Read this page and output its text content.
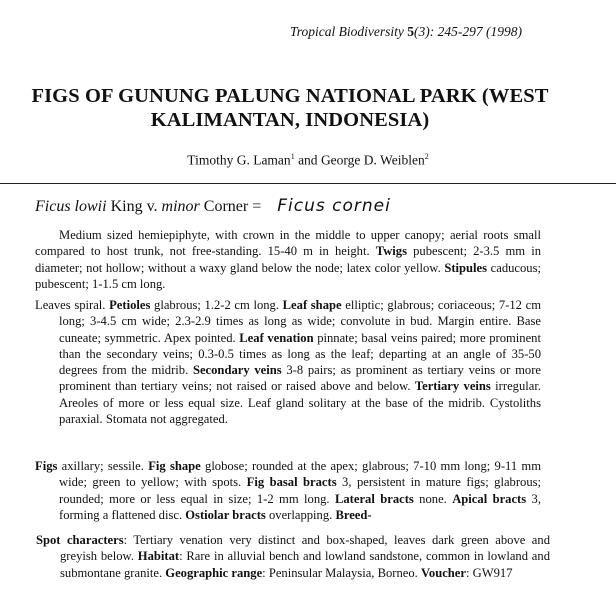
Tropical Biodiversity 5(3): 245-297 (1998)
FIGS OF GUNUNG PALUNG NATIONAL PARK (WEST KALIMANTAN, INDONESIA)
Timothy G. Laman$^1$ and George D. Weiblen$^2$
Ficus lowii King v. minor Corner = Ficus cornei
Medium sized hemiepiphyte, with crown in the middle to upper canopy; aerial roots small compared to host trunk, not free-standing. 15-40 m in height. Twigs pubescent; 2-3.5 mm in diameter; not hollow; without a waxy gland below the node; latex color yellow. Stipules caducous; pubescent; 1-1.5 cm long.
Leaves spiral. Petioles glabrous; 1.2-2 cm long. Leaf shape elliptic; glabrous; coriaceous; 7-12 cm long; 3-4.5 cm wide; 2.3-2.9 times as long as wide; convolute in bud. Margin entire. Base cuneate; symmetric. Apex pointed. Leaf venation pinnate; basal veins paired; more prominent than the secondary veins; 0.3-0.5 times as long as the leaf; departing at an angle of 35-50 degrees from the midrib. Secondary veins 3-8 pairs; as prominent as tertiary veins or more prominent than tertiary veins; not raised or raised above and below. Tertiary veins irregular. Areoles of more or less equal size. Leaf gland solitary at the base of the midrib. Cystoliths paraxial. Stomata not aggregated.
Figs axillary; sessile. Fig shape globose; rounded at the apex; glabrous; 7-10 mm long; 9-11 mm wide; green to yellow; with spots. Fig basal bracts 3, persistent in mature figs; glabrous; rounded; more or less equal in size; 1-2 mm long. Lateral bracts none. Apical bracts 3, forming a flattened disc. Ostiolar bracts overlapping. Breed-
Spot characters: Tertiary venation very distinct and box-shaped, leaves dark green above and greyish below. Habitat: Rare in alluvial bench and lowland sandstone, common in lowland and submontane granite. Geographic range: Peninsular Malaysia, Borneo. Voucher: GW917
